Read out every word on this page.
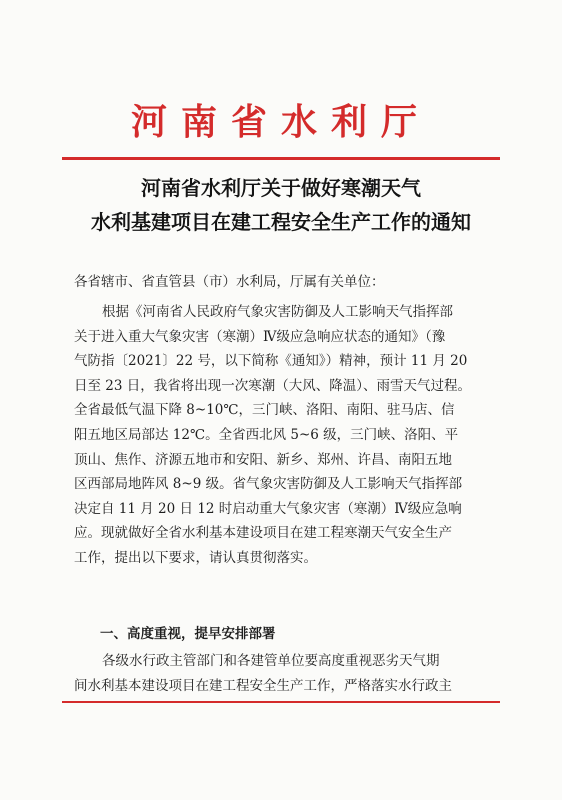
河南省水利厅
河南省水利厅关于做好寒潮天气
水利基建项目在建工程安全生产工作的通知
各省辖市、省直管县（市）水利局，厅属有关单位：
根据《河南省人民政府气象灾害防御及人工影响天气指挥部
关于进入重大气象灾害（寒潮）Ⅳ级应急响应状态的通知》（豫
气防指〔2021〕22 号，以下简称《通知》）精神，预计 11 月 20
日至 23 日，我省将出现一次寒潮（大风、降温）、雨雪天气过程。
全省最低气温下降 8~10℃，三门峡、洛阳、南阳、驻马店、信
阳五地区局部达 12℃。全省西北风 5~6 级，三门峡、洛阳、平
顶山、焦作、济源五地市和安阳、新乡、郑州、许昌、南阳五地
区西部局地阵风 8~9 级。省气象灾害防御及人工影响天气指挥部
决定自 11 月 20 日 12 时启动重大气象灾害（寒潮）Ⅳ级应急响
应。现就做好全省水利基本建设项目在建工程寒潮天气安全生产
工作，提出以下要求，请认真贯彻落实。
一、高度重视，提早安排部署
各级水行政主管部门和各建管单位要高度重视恶劣天气期
间水利基本建设项目在建工程安全生产工作，严格落实水行政主
